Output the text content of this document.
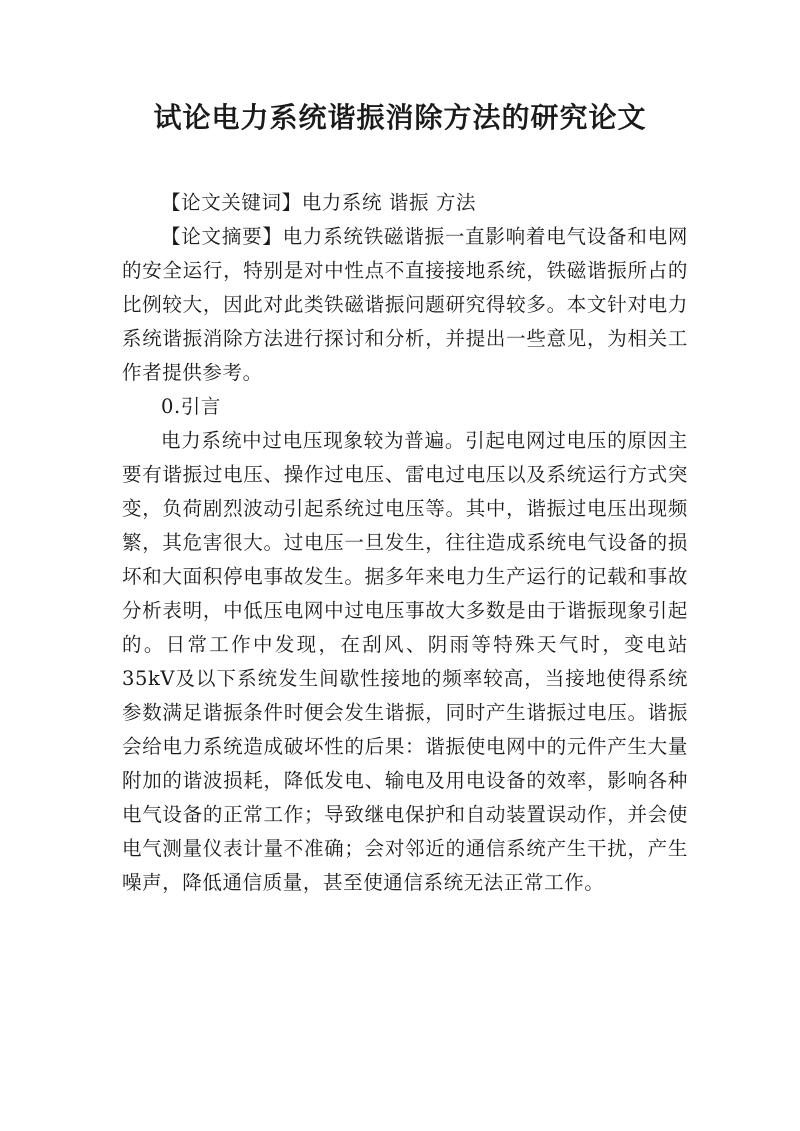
试论电力系统谐振消除方法的研究论文

【论文关键词】电力系统 谐振 方法

【论文摘要】电力系统铁磁谐振一直影响着电气设备和电网的安全运行，特别是对中性点不直接接地系统，铁磁谐振所占的比例较大，因此对此类铁磁谐振问题研究得较多。本文针对电力系统谐振消除方法进行探讨和分析，并提出一些意见，为相关工作者提供参考。

0.引言

电力系统中过电压现象较为普遍。引起电网过电压的原因主要有谐振过电压、操作过电压、雷电过电压以及系统运行方式突变，负荷剧烈波动引起系统过电压等。其中，谐振过电压出现频繁，其危害很大。过电压一旦发生，往往造成系统电气设备的损坏和大面积停电事故发生。据多年来电力生产运行的记载和事故分析表明，中低压电网中过电压事故大多数是由于谐振现象引起的。日常工作中发现，在刮风、阴雨等特殊天气时，变电站35kV及以下系统发生间歇性接地的频率较高，当接地使得系统参数满足谐振条件时便会发生谐振，同时产生谐振过电压。谐振会给电力系统造成破坏性的后果：谐振使电网中的元件产生大量附加的谐波损耗，降低发电、输电及用电设备的效率，影响各种电气设备的正常工作；导致继电保护和自动装置误动作，并会使电气测量仪表计量不准确；会对邻近的通信系统产生干扰，产生噪声，降低通信质量，甚至使通信系统无法正常工作。
